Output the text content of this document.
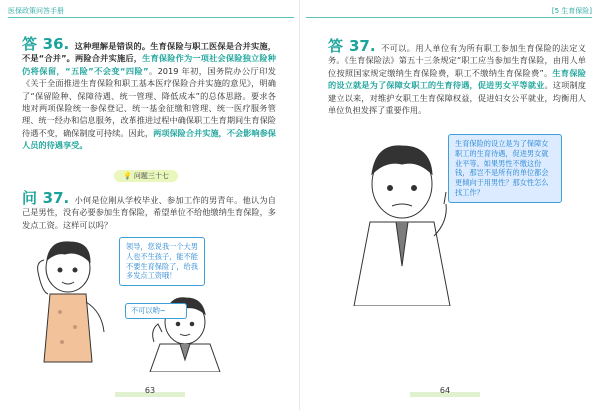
医保政策问答手册
答 36. 这种理解是错误的。生育保险与职工医保是合并实施，不是“合并”。两险合并实施后，生育保险作为一项社会保险独立险种仍将保留，“五险”不会变“四险”。2019 年初，国务院办公厅印发《关于全面推进生育保险和职工基本医疗保险合并实施的意见》，明确了“保留险种、保障待遇、统一管理、降低成本”的总体思路。要求各地对两项保险统一参保登记、统一基金征缴和管理、统一医疗服务管理、统一经办和信息服务，改革推进过程中确保职工生育期间生育保险待遇不变，确保制度可持续。因此，两项保险合并实施，不会影响参保人员的待遇享受。
💡 问题三十七
问 37. 小何是位刚从学校毕业、参加工作的男青年。他认为自己是男性，没有必要参加生育保险，希望单位不给他缴纳生育保险，多发点工资。这样可以吗？
领导，您说我一个大男人也不生孩子，能不能不要生育保险了，给我多发点工资哦！
不可以哟~
63
[5 生育保险]
答 37. 不可以。用人单位有为所有职工参加生育保险的法定义务。《生育保险法》第五十三条规定“职工应当参加生育保险，由用人单位按照国家规定缴纳生育保险费，职工不缴纳生育保险费”。生育保险的设立就是为了保障女职工的生育待遇，促进男女平等就业。这项制度建立以来，对维护女职工生育保障权益，促进妇女公平就业，均衡用人单位负担发挥了重要作用。
生育保险的设立是为了保障女职工的生育待遇，促进男女就业平等。如果男性不缴这份钱，那岂不是所有的单位都会更倾向于用男性？那女性怎么找工作？
64
